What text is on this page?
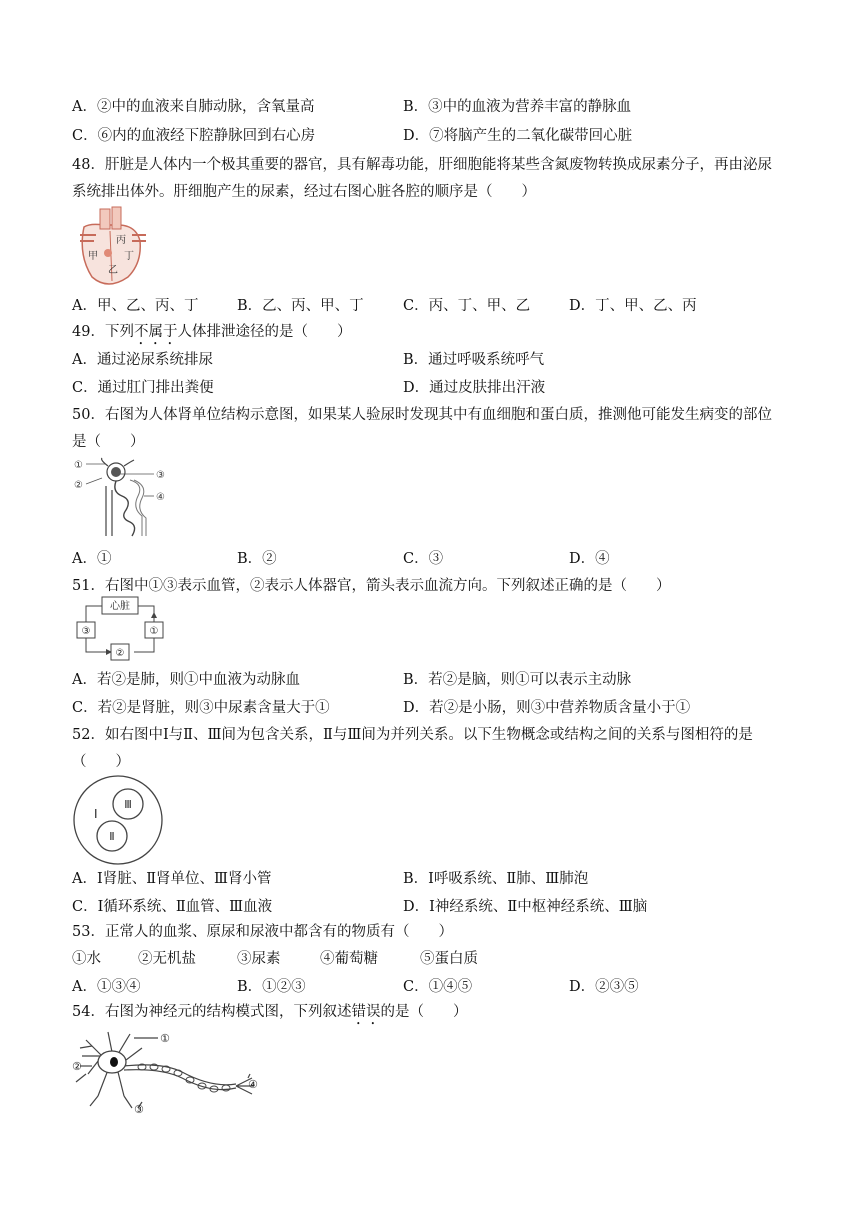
A．②中的血液来自肺动脉，含氧量高	B．③中的血液为营养丰富的静脉血
C．⑥内的血液经下腔静脉回到右心房	D．⑦将脑产生的二氧化碳带回心脏
48．肝脏是人体内一个极其重要的器官，具有解毒功能，肝细胞能将某些含氮废物转换成尿素分子，再由泌尿
系统排出体外。肝细胞产生的尿素，经过右图心脏各腔的顺序是（　　）
丙
丁
甲
乙
A．甲、乙、丙、丁	B．乙、丙、甲、丁	C．丙、丁、甲、乙	D．丁、甲、乙、丙
49．下列不属于人体排泄途径的是（　　）
A．通过泌尿系统排尿	B．通过呼吸系统呼气
C．通过肛门排出粪便	D．通过皮肤排出汗液
50．右图为人体肾单位结构示意图，如果某人验尿时发现其中有血细胞和蛋白质，推测他可能发生病变的部位
是（　　）
①
②
③
④
A．①	B．②	C．③	D．④
51．右图中①③表示血管，②表示人体器官，箭头表示血流方向。下列叙述正确的是（　　）
心脏
①
③
②
A．若②是肺，则①中血液为动脉血	B．若②是脑，则①可以表示主动脉
C．若②是肾脏，则③中尿素含量大于①	D．若②是小肠，则③中营养物质含量小于①
52．如右图中Ⅰ与Ⅱ、Ⅲ间为包含关系，Ⅱ与Ⅲ间为并列关系。以下生物概念或结构之间的关系与图相符的是
（　　）
Ⅰ
Ⅲ
Ⅱ
A．Ⅰ肾脏、Ⅱ肾单位、Ⅲ肾小管	B．Ⅰ呼吸系统、Ⅱ肺、Ⅲ肺泡
C．Ⅰ循环系统、Ⅱ血管、Ⅲ血液	D．Ⅰ神经系统、Ⅱ中枢神经系统、Ⅲ脑
53．正常人的血浆、原尿和尿液中都含有的物质有（　　）
①水	②无机盐	③尿素	④葡萄糖	⑤蛋白质
A．①③④	B．①②③	C．①④⑤	D．②③⑤
54．右图为神经元的结构模式图，下列叙述错误的是（　　）
①
②
③
④
